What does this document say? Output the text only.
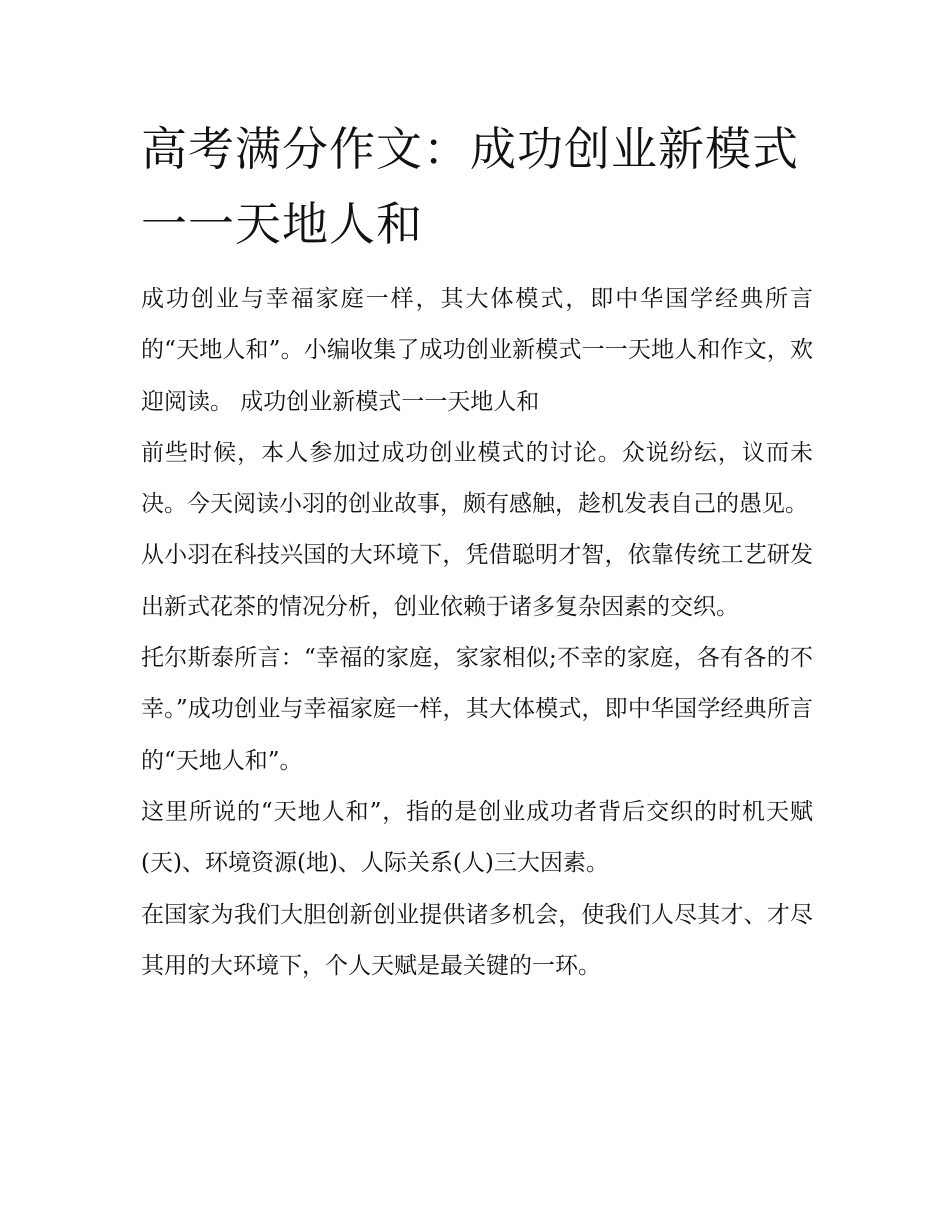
高考满分作文：成功创业新模式一一天地人和

成功创业与幸福家庭一样，其大体模式，即中华国学经典所言的“天地人和”。小编收集了成功创业新模式一一天地人和作文，欢迎阅读。 成功创业新模式一一天地人和

前些时候，本人参加过成功创业模式的讨论。众说纷纭，议而未决。今天阅读小羽的创业故事，颇有感触，趁机发表自己的愚见。

从小羽在科技兴国的大环境下，凭借聪明才智，依靠传统工艺研发出新式花茶的情况分析，创业依赖于诸多复杂因素的交织。

托尔斯泰所言：“幸福的家庭，家家相似;不幸的家庭，各有各的不幸。”成功创业与幸福家庭一样，其大体模式，即中华国学经典所言的“天地人和”。

这里所说的“天地人和”，指的是创业成功者背后交织的时机天赋(天)、环境资源(地)、人际关系(人)三大因素。

在国家为我们大胆创新创业提供诸多机会，使我们人尽其才、才尽其用的大环境下，个人天赋是最关键的一环。
